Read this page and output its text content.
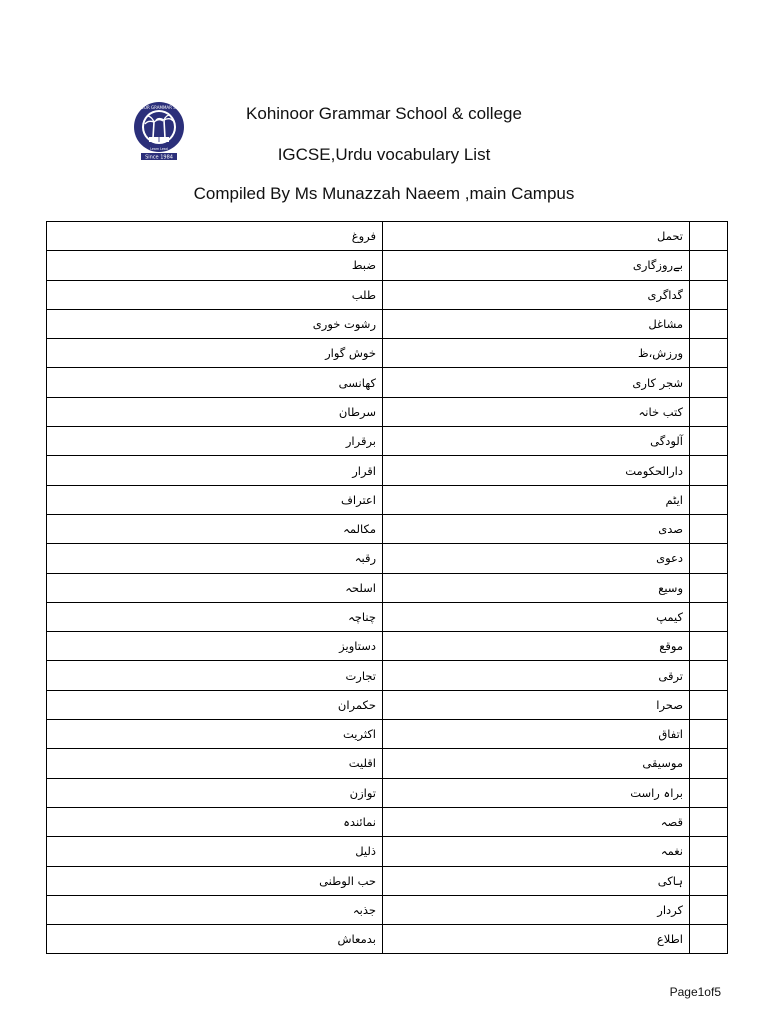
KOHINOOR GRAMMAR SCHOOL
Learn Lead
Since 1984
Kohinoor Grammar School & college
IGCSE,Urdu vocabulary List
Compiled By Ms Munazzah Naeem ,main Campus
فروغ	تحمل	
ضبط	بےروزگاری	
طلب	گداگری	
رشوت خوری	مشاغل	
خوش گوار	ورزش،ظ	
کھانسی	شجر کاری	
سرطان	کتب خانہ	
برقرار	آلودگی	
اقرار	دارالحکومت	
اعتراف	ایٹم	
مکالمہ	صدی	
رقبہ	دعوی	
اسلحہ	وسیع	
چناچہ	کیمپ	
دستاویز	موقع	
تجارت	ترقی	
حکمران	صحرا	
اکثریت	اتفاق	
اقلیت	موسیقی	
توازن	براہ راست	
نمائندہ	قصہ	
ذلیل	نغمہ	
حب الوطنی	ہاکی	
جذبہ	کردار	
بدمعاش	اطلاع	
Page1of5
